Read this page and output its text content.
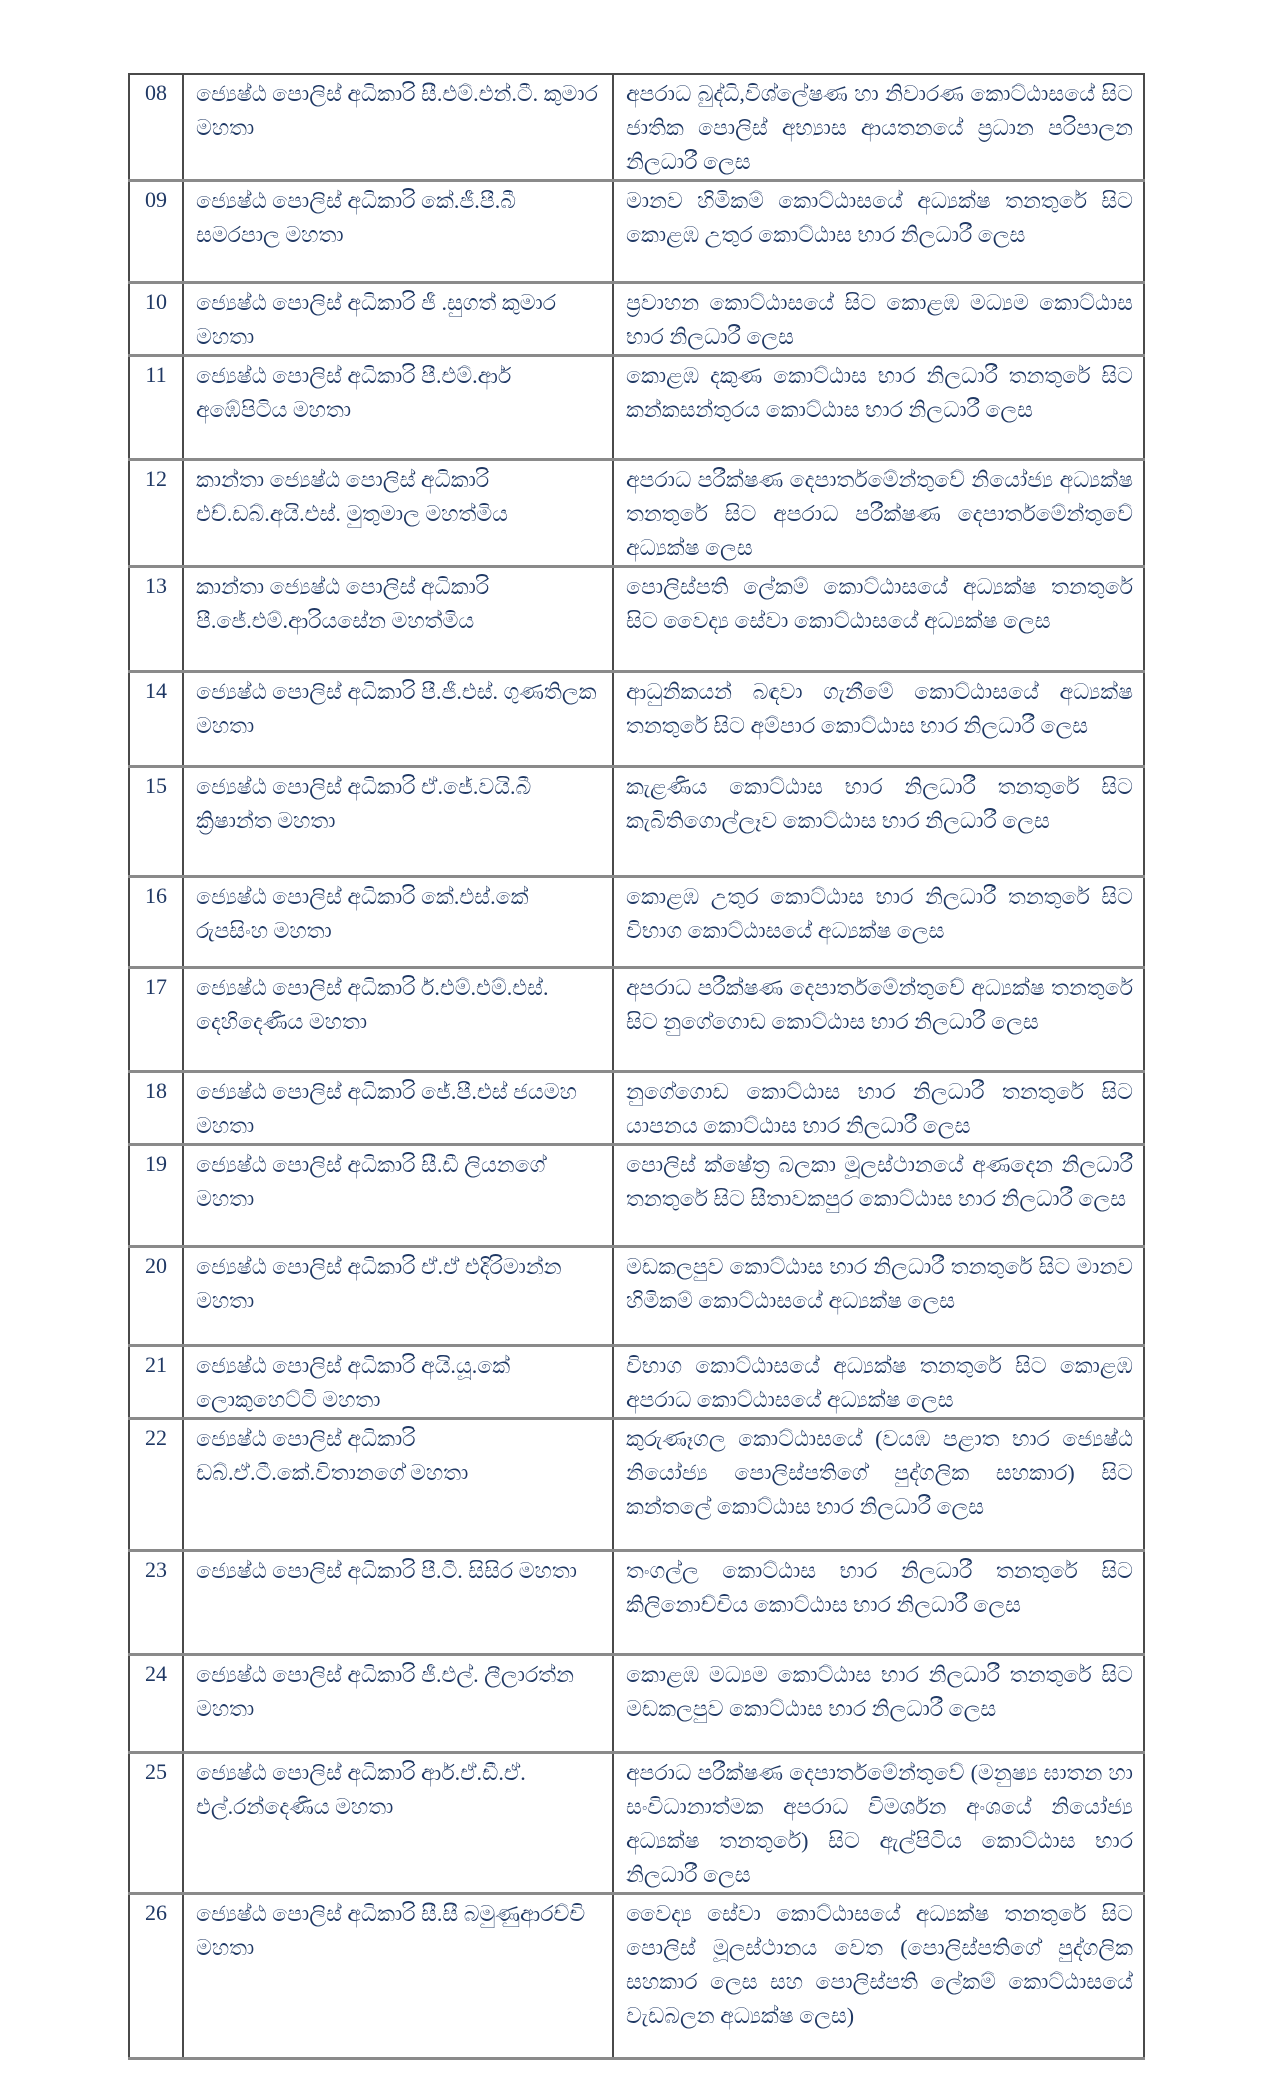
08	ජ්‍යෙෂ්ඨ පොලිස් අධිකාරි සී.එම්.එන්.ටී. කුමාර මහතා	අපරාධ බුද්ධි,විශ්ලේෂණ හා නිවාරණ කොට්ඨාසයේ සිට ජාතික පොලිස් අභ්‍යාස ආයතනයේ ප්‍රධාන පරිපාලන නිලධාරී ලෙස
09	ජ්‍යෙෂ්ඨ පොලිස් අධිකාරි කේ.ජී.පී.බී සමරපාල මහතා	මානව හිමිකම් කොට්ඨාසයේ අධ්‍යක්ෂ තනතුරේ සිට කොළඹ උතුර කොට්ඨාස භාර නිලධාරී ලෙස
10	ජ්‍යෙෂ්ඨ පොලිස් අධිකාරි ජී .සුගත් කුමාර මහතා	ප්‍රවාහන කොට්ඨාසයේ සිට කොළඹ මධ්‍යම කොට්ඨාස භාර නිලධාරී ලෙස
11	ජ්‍යෙෂ්ඨ පොලිස් අධිකාරි පී.එම්.ආර් අඹේපිටිය මහතා	කොළඹ දකුණ කොට්ඨාස භාර නිලධාරී තනතුරේ සිට කන්කසන්තුරය කොට්ඨාස භාර නිලධාරී ලෙස
12	කාන්තා ජ්‍යෙෂ්ඨ පොලිස් අධිකාරි එච්.ඩබ්.අයි.එස්. මුතුමාල මහත්මිය	අපරාධ පරීක්ෂණ දෙපාර්තමේන්තුවේ නියෝජ්‍ය අධ්‍යක්ෂ තනතුරේ සිට අපරාධ පරීක්ෂණ දෙපාර්තමේන්තුවේ අධ්‍යක්ෂ ලෙස
13	කාන්තා ජ්‍යෙෂ්ඨ පොලිස් අධිකාරි පී.ජේ.එම්.ආරියසේන මහත්මිය	පොලිස්පති ලේකම් කොට්ඨාසයේ අධ්‍යක්ෂ තනතුරේ සිට වෛද්‍ය සේවා කොට්ඨාසයේ අධ්‍යක්ෂ ලෙස
14	ජ්‍යෙෂ්ඨ පොලිස් අධිකාරි පී.ජී.එස්. ගුණතිලක මහතා	ආධුනිකයන් බඳවා ගැනීමේ කොට්ඨාසයේ අධ්‍යක්ෂ තනතුරේ සිට අම්පාර කොට්ඨාස භාර නිලධාරී ලෙස
15	ජ්‍යෙෂ්ඨ පොලිස් අධිකාරි ඒ.ජේ.වයි.බී ක්‍රිෂාන්ත මහතා	කැළණිය කොට්ඨාස භාර නිලධාරී තනතුරේ සිට කැබිතිගොල්ලෑව කොට්ඨාස භාර නිලධාරී ලෙස
16	ජ්‍යෙෂ්ඨ පොලිස් අධිකාරි කේ.එස්.කේ රුපසිංහ මහතා	කොළඹ උතුර කොට්ඨාස භාර නිලධාරී තනතුරේ සිට විභාග කොට්ඨාසයේ අධ්‍යක්ෂ ලෙස
17	ජ්‍යෙෂ්ඨ පොලිස් අධිකාරි ර්.එම්.එම්.එස්. දෙහිදෙණිය මහතා	අපරාධ පරීක්ෂණ දෙපාර්තමේන්තුවේ අධ්‍යක්ෂ තනතුරේ සිට නුගේගොඩ කොට්ඨාස භාර නිලධාරී ලෙස
18	ජ්‍යෙෂ්ඨ පොලිස් අධිකාරි ජේ.පී.එස් ජයමහ මහතා	නුගේගොඩ කොට්ඨාස භාර නිලධාරී තනතුරේ සිට යාපනය කොට්ඨාස භාර නිලධාරී ලෙස
19	ජ්‍යෙෂ්ඨ පොලිස් අධිකාරි සී.ඩී ලියනගේ මහතා	පොලිස් ක්ෂේත්‍ර බලකා මූලස්ථානයේ අණදෙන නිලධාරී තනතුරේ සිට සීතාවකපුර කොට්ඨාස භාර නිලධාරී ලෙස
20	ජ්‍යෙෂ්ඨ පොලිස් අධිකාරි ඒ.ඒ එදිරිමාන්න මහතා	මඩකලපුව කොට්ඨාස භාර නිලධාරී තනතුරේ සිට මානව හිමිකම් කොට්ඨාසයේ අධ්‍යක්ෂ ලෙස
21	ජ්‍යෙෂ්ඨ පොලිස් අධිකාරි අයි.යූ.කේ ලොකුහෙට්ටි මහතා	විභාග කොට්ඨාසයේ අධ්‍යක්ෂ තනතුරේ සිට කොළඹ අපරාධ කොට්ඨාසයේ අධ්‍යක්ෂ ලෙස
22	ජ්‍යෙෂ්ඨ පොලිස් අධිකාරි ඩබ්.ඒ.ටී.කේ.විතානගේ මහතා	කුරුණෑගල කොට්ඨාසයේ (වයඹ පළාත භාර ජ්‍යෙෂ්ඨ නියෝජ්‍ය පොලිස්පතිගේ පුද්ගලික සහකාර) සිට කන්තලේ කොට්ඨාස භාර නිලධාරී ලෙස
23	ජ්‍යෙෂ්ඨ පොලිස් අධිකාරි පී.ටී. සිසිර මහතා	තංගල්ල කොට්ඨාස භාර නිලධාරී තනතුරේ සිට කිලිනොච්චිය කොට්ඨාස භාර නිලධාරී ලෙස
24	ජ්‍යෙෂ්ඨ පොලිස් අධිකාරි ජී.එල්. ලීලාරත්න මහතා	කොළඹ මධ්‍යම කොට්ඨාස භාර නිලධාරී තනතුරේ සිට මඩකලපුව කොට්ඨාස භාර නිලධාරී ලෙස
25	ජ්‍යෙෂ්ඨ පොලිස් අධිකාරි ආර්.ඒ.ඩී.ඒ. එල්.රන්දෙණිය මහතා	අපරාධ පරීක්ෂණ දෙපාර්තමේන්තුවේ (මනුෂ්‍ය ඝාතන හා සංවිධානාත්මක අපරාධ විමර්ශන අංශයේ නියෝජ්‍ය අධ්‍යක්ෂ තනතුරේ) සිට ඇල්පිටිය කොට්ඨාස භාර නිලධාරී ලෙස
26	ජ්‍යෙෂ්ඨ පොලිස් අධිකාරි සී.සී බමුණුආරච්චි මහතා	වෛද්‍ය සේවා කොට්ඨාසයේ අධ්‍යක්ෂ තනතුරේ සිට පොලිස් මූලස්ථානය වෙත (පොලිස්පතිගේ පුද්ගලික සහකාර ලෙස සහ පොලිස්පති ලේකම් කොට්ඨාසයේ වැඩබලන අධ්‍යක්ෂ ලෙස)
